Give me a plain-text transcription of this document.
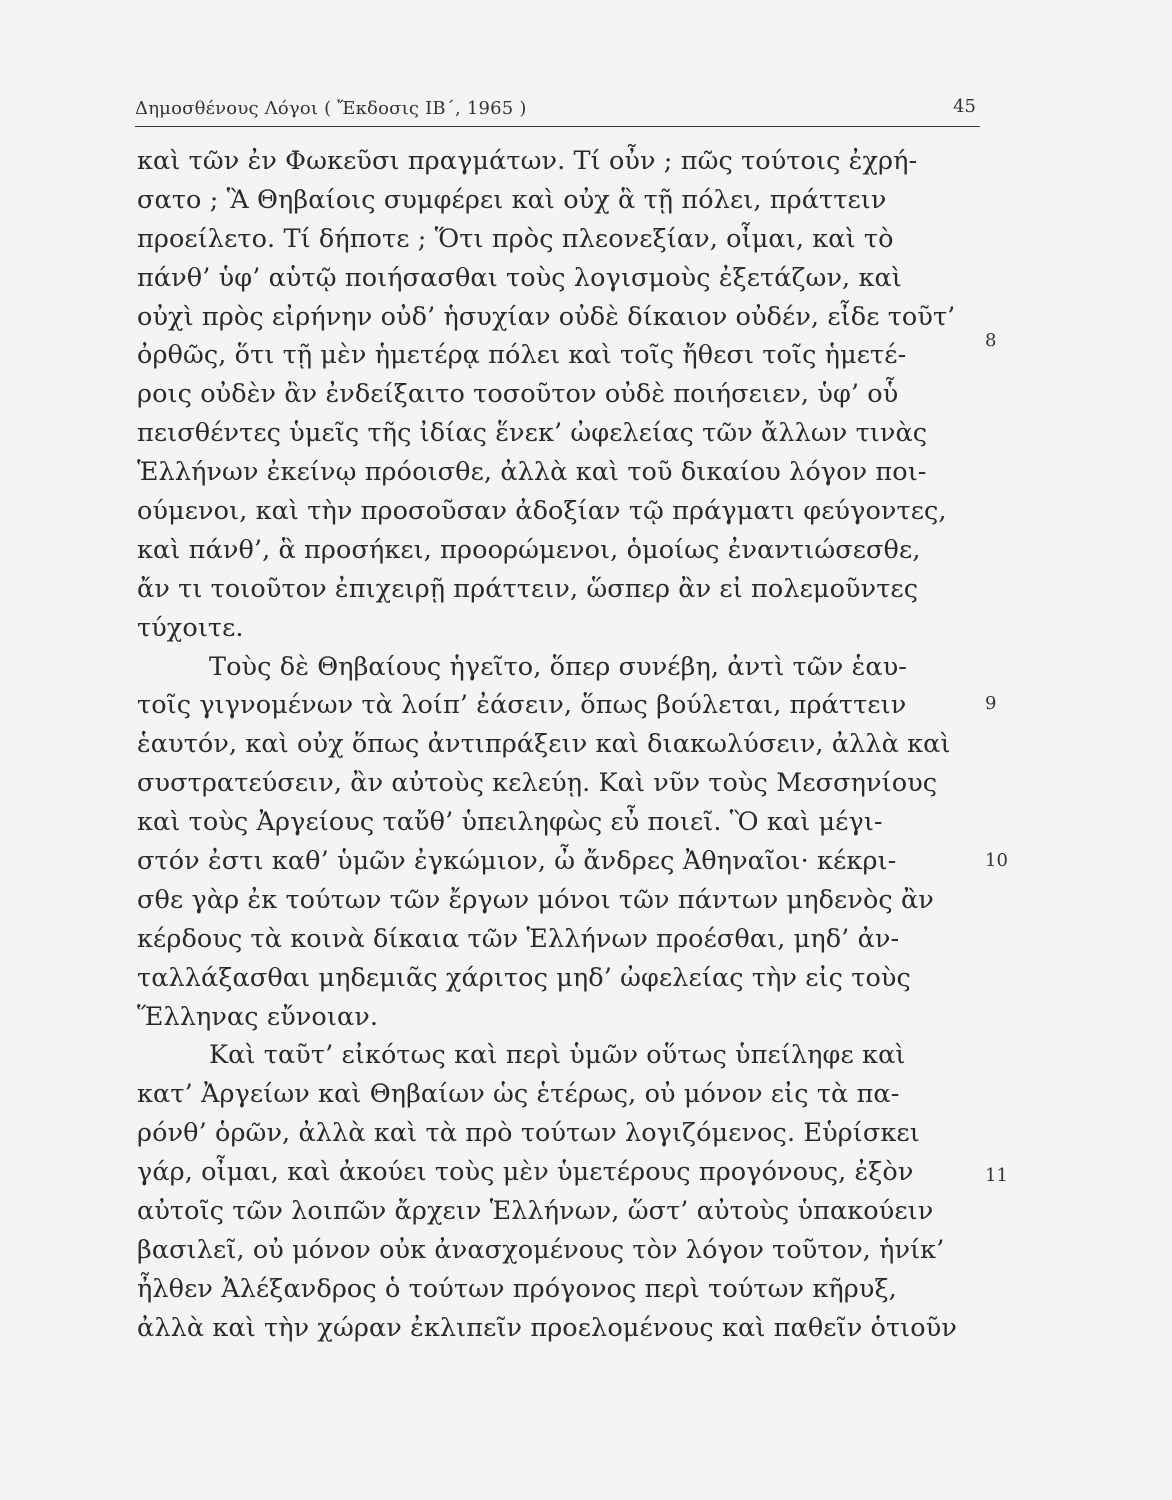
Δημοσθένους Λόγοι ( Ἔκδοσις ΙΒ΄, 1965 )	45
καὶ τῶν ἐν Φωκεῦσι πραγμάτων. Τί οὖν ; πῶς τούτοις ἐχρή-
σατο ; Ἃ Θηβαίοις συμφέρει καὶ οὐχ ἃ τῇ πόλει, πράττειν
προείλετο. Τί δήποτε ; Ὅτι πρὸς πλεονεξίαν, οἶμαι, καὶ τὸ
πάνθ’ ὑφ’ αὑτῷ ποιήσασθαι τοὺς λογισμοὺς ἐξετάζων, καὶ
οὐχὶ πρὸς εἰρήνην οὐδ’ ἡσυχίαν οὐδὲ δίκαιον οὐδέν, εἶδε τοῦτ’
ὀρθῶς, ὅτι τῇ μὲν ἡμετέρᾳ πόλει καὶ τοῖς ἤθεσι τοῖς ἡμετέ-
ροις οὐδὲν ἂν ἐνδείξαιτο τοσοῦτον οὐδὲ ποιήσειεν, ὑφ’ οὗ
πεισθέντες ὑμεῖς τῆς ἰδίας ἕνεκ’ ὠφελείας τῶν ἄλλων τινὰς
Ἑλλήνων ἐκείνῳ πρόοισθε, ἀλλὰ καὶ τοῦ δικαίου λόγον ποι-
ούμενοι, καὶ τὴν προσοῦσαν ἀδοξίαν τῷ πράγματι φεύγοντες,
καὶ πάνθ’, ἃ προσήκει, προορώμενοι, ὁμοίως ἐναντιώσεσθε,
ἄν τι τοιοῦτον ἐπιχειρῇ πράττειν, ὥσπερ ἂν εἰ πολεμοῦντες
τύχοιτε.
Τοὺς δὲ Θηβαίους ἡγεῖτο, ὅπερ συνέβη, ἀντὶ τῶν ἑαυ-
τοῖς γιγνομένων τὰ λοίπ’ ἐάσειν, ὅπως βούλεται, πράττειν
ἑαυτόν, καὶ οὐχ ὅπως ἀντιπράξειν καὶ διακωλύσειν, ἀλλὰ καὶ
συστρατεύσειν, ἂν αὐτοὺς κελεύῃ. Καὶ νῦν τοὺς Μεσσηνίους
καὶ τοὺς Ἀργείους ταὔθ’ ὑπειληφὼς εὖ ποιεῖ. Ὃ καὶ μέγι-
στόν ἐστι καθ’ ὑμῶν ἐγκώμιον, ὦ ἄνδρες Ἀθηναῖοι· κέκρι-
σθε γὰρ ἐκ τούτων τῶν ἔργων μόνοι τῶν πάντων μηδενὸς ἂν
κέρδους τὰ κοινὰ δίκαια τῶν Ἑλλήνων προέσθαι, μηδ’ ἀν-
ταλλάξασθαι μηδεμιᾶς χάριτος μηδ’ ὠφελείας τὴν εἰς τοὺς
Ἕλληνας εὔνοιαν.
Καὶ ταῦτ’ εἰκότως καὶ περὶ ὑμῶν οὕτως ὑπείληφε καὶ
κατ’ Ἀργείων καὶ Θηβαίων ὡς ἑτέρως, οὐ μόνον εἰς τὰ πα-
ρόνθ’ ὁρῶν, ἀλλὰ καὶ τὰ πρὸ τούτων λογιζόμενος. Εὑρίσκει
γάρ, οἶμαι, καὶ ἀκούει τοὺς μὲν ὑμετέρους προγόνους, ἐξὸν
αὐτοῖς τῶν λοιπῶν ἄρχειν Ἑλλήνων, ὥστ’ αὐτοὺς ὑπακούειν
βασιλεῖ, οὐ μόνον οὐκ ἀνασχομένους τὸν λόγον τοῦτον, ἡνίκ’
ἦλθεν Ἀλέξανδρος ὁ τούτων πρόγονος περὶ τούτων κῆρυξ,
ἀλλὰ καὶ τὴν χώραν ἐκλιπεῖν προελομένους καὶ παθεῖν ὁτιοῦν
8
9
10
11
